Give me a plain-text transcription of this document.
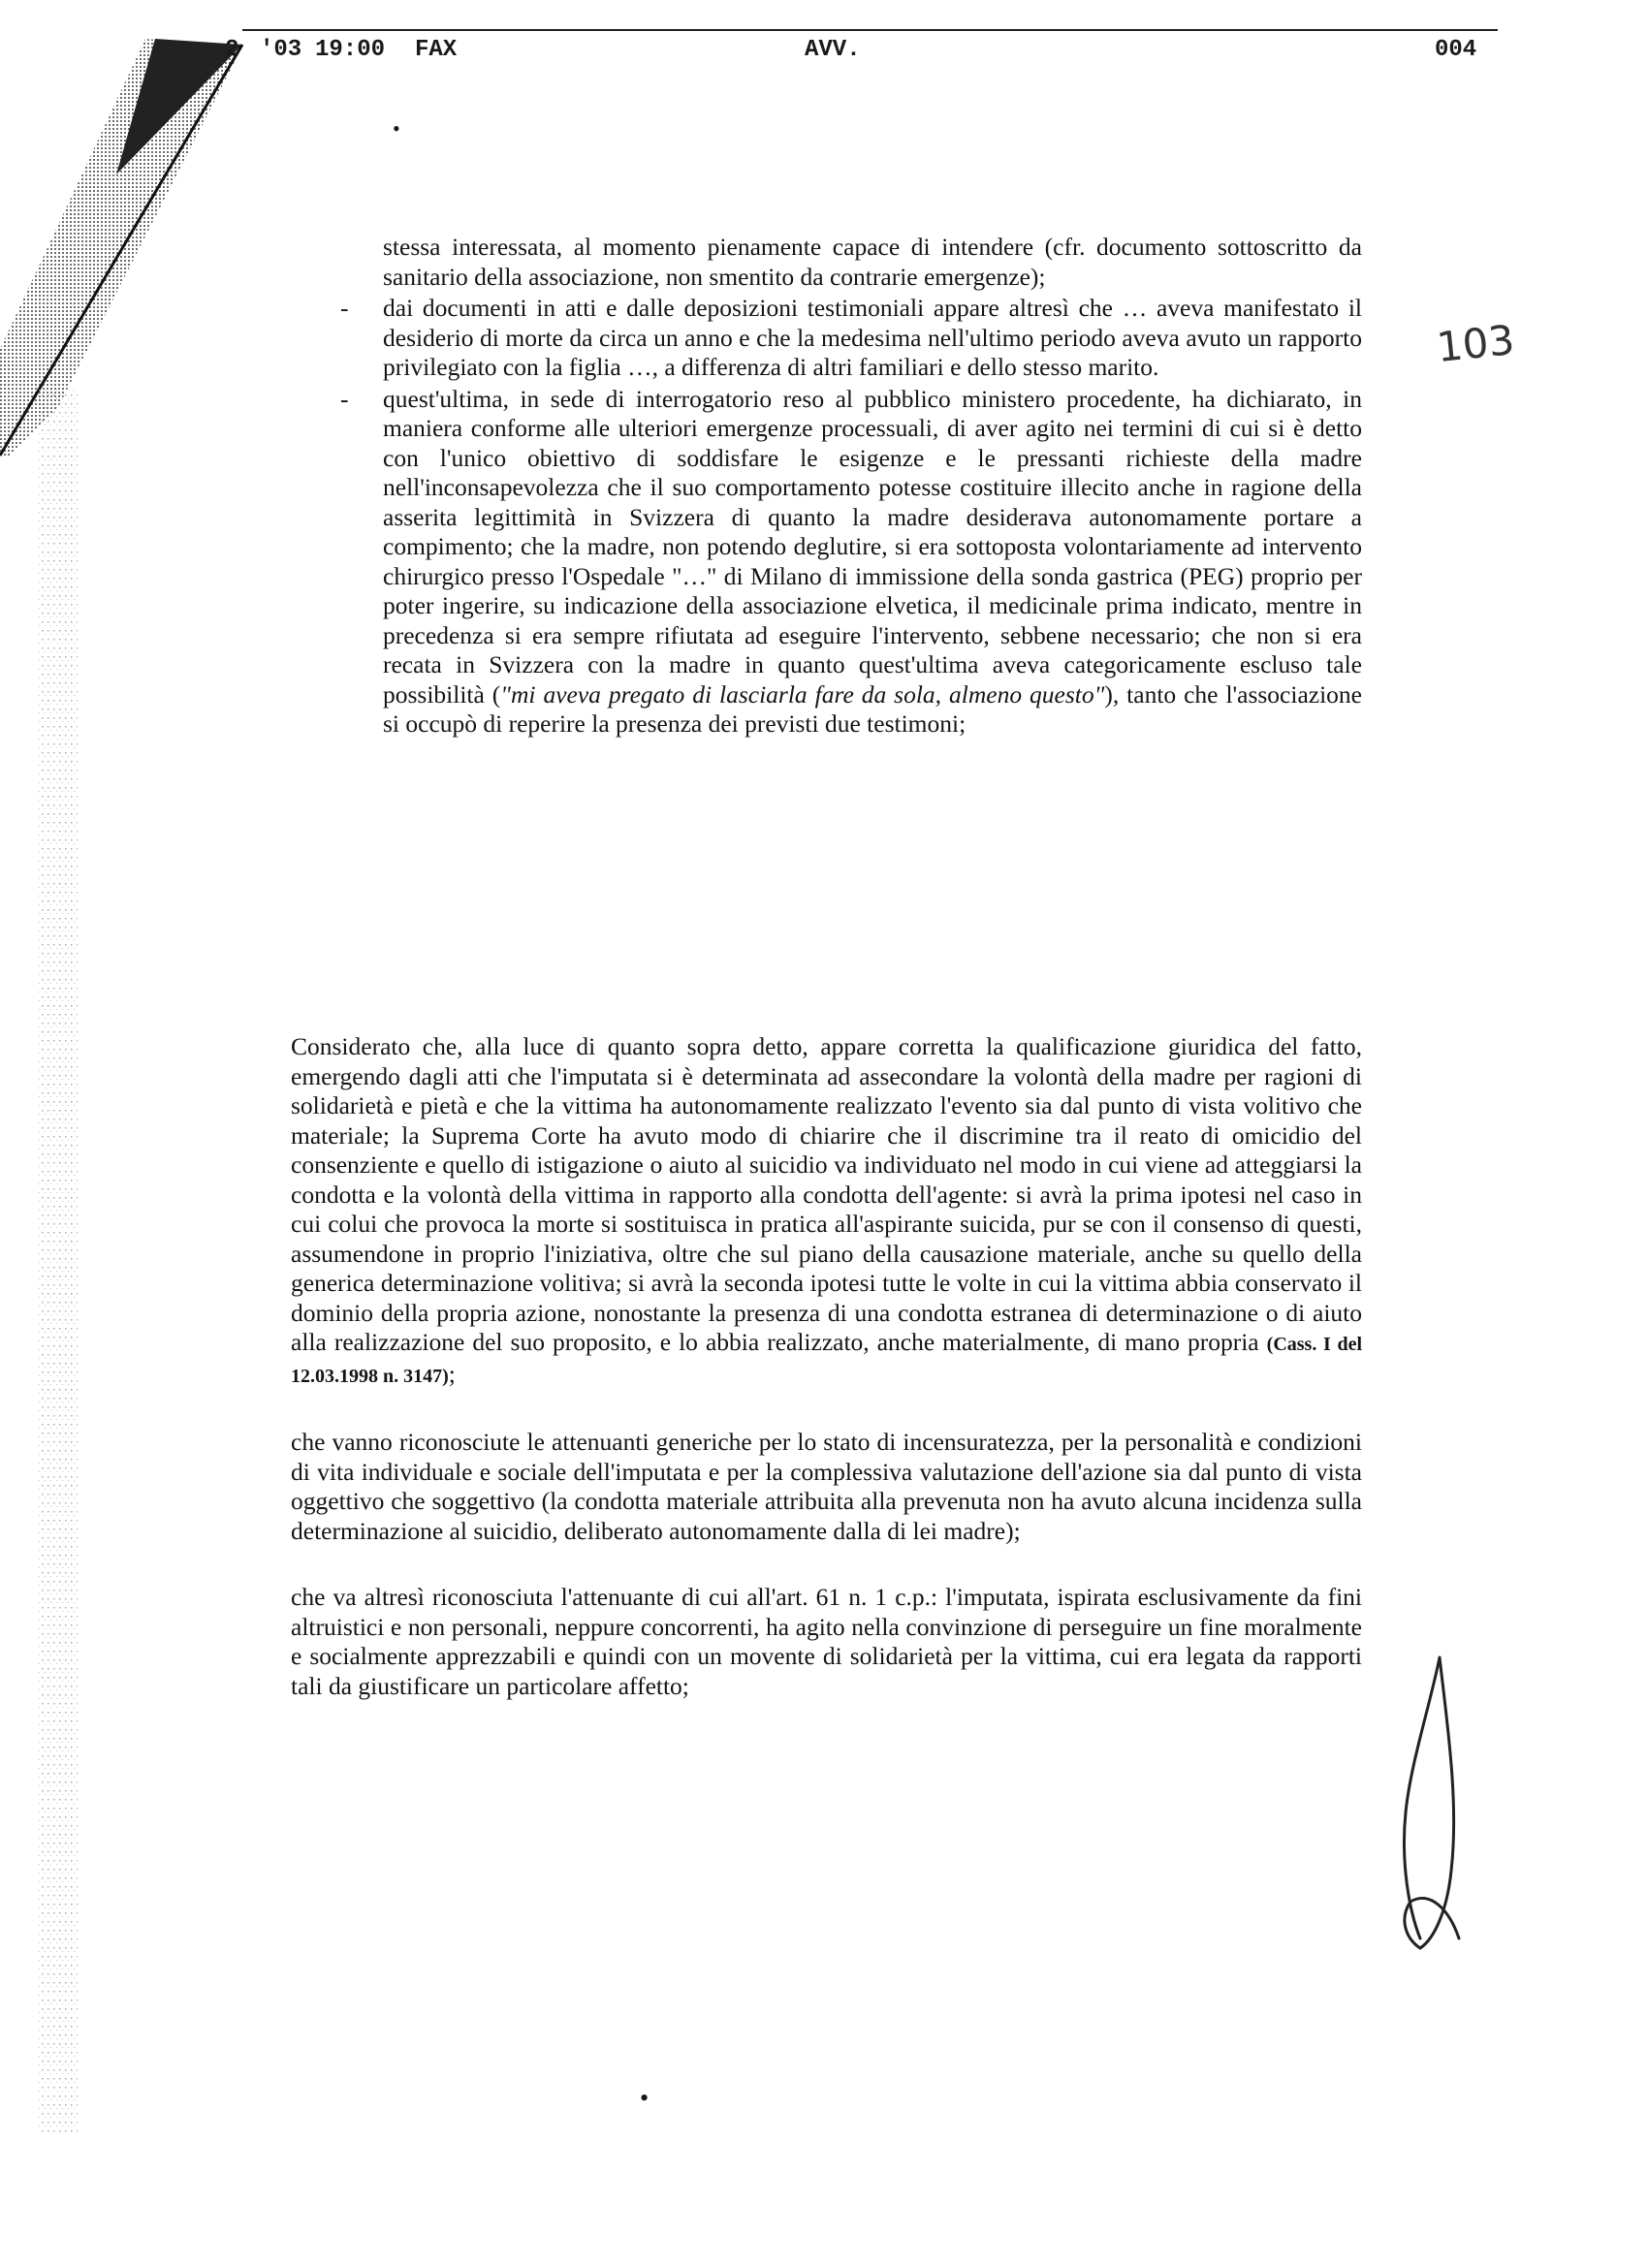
2 '03 19:00 FAX	AVV.	004
•
103

stessa interessata, al momento pienamente capace di intendere (cfr. documento sottoscritto da sanitario della associazione, non smentito da contrarie emergenze);

- dai documenti in atti e dalle deposizioni testimoniali appare altresì che … aveva manifestato il desiderio di morte da circa un anno e che la medesima nell'ultimo periodo aveva avuto un rapporto privilegiato con la figlia …, a differenza di altri familiari e dello stesso marito.

- quest'ultima, in sede di interrogatorio reso al pubblico ministero procedente, ha dichiarato, in maniera conforme alle ulteriori emergenze processuali, di aver agito nei termini di cui si è detto con l'unico obiettivo di soddisfare le esigenze e le pressanti richieste della madre nell'inconsapevolezza che il suo comportamento potesse costituire illecito anche in ragione della asserita legittimità in Svizzera di quanto la madre desiderava autonomamente portare a compimento; che la madre, non potendo deglutire, si era sottoposta volontariamente ad intervento chirurgico presso l'Ospedale "…" di Milano di immissione della sonda gastrica (PEG) proprio per poter ingerire, su indicazione della associazione elvetica, il medicinale prima indicato, mentre in precedenza si era sempre rifiutata ad eseguire l'intervento, sebbene necessario; che non si era recata in Svizzera con la madre in quanto quest'ultima aveva categoricamente escluso tale possibilità ("mi aveva pregato di lasciarla fare da sola, almeno questo"), tanto che l'associazione si occupò di reperire la presenza dei previsti due testimoni;

Considerato che, alla luce di quanto sopra detto, appare corretta la qualificazione giuridica del fatto, emergendo dagli atti che l'imputata si è determinata ad assecondare la volontà della madre per ragioni di solidarietà e pietà e che la vittima ha autonomamente realizzato l'evento sia dal punto di vista volitivo che materiale; la Suprema Corte ha avuto modo di chiarire che il discrimine tra il reato di omicidio del consenziente e quello di istigazione o aiuto al suicidio va individuato nel modo in cui viene ad atteggiarsi la condotta e la volontà della vittima in rapporto alla condotta dell'agente: si avrà la prima ipotesi nel caso in cui colui che provoca la morte si sostituisca in pratica all'aspirante suicida, pur se con il consenso di questi, assumendone in proprio l'iniziativa, oltre che sul piano della causazione materiale, anche su quello della generica determinazione volitiva; si avrà la seconda ipotesi tutte le volte in cui la vittima abbia conservato il dominio della propria azione, nonostante la presenza di una condotta estranea di determinazione o di aiuto alla realizzazione del suo proposito, e lo abbia realizzato, anche materialmente, di mano propria (Cass. I del 12.03.1998 n. 3147);

che vanno riconosciute le attenuanti generiche per lo stato di incensuratezza, per la personalità e condizioni di vita individuale e sociale dell'imputata e per la complessiva valutazione dell'azione sia dal punto di vista oggettivo che soggettivo (la condotta materiale attribuita alla prevenuta non ha avuto alcuna incidenza sulla determinazione al suicidio, deliberato autonomamente dalla di lei madre);

che va altresì riconosciuta l'attenuante di cui all'art. 61 n. 1 c.p.: l'imputata, ispirata esclusivamente da fini altruistici e non personali, neppure concorrenti, ha agito nella convinzione di perseguire un fine moralmente e socialmente apprezzabili e quindi con un movente di solidarietà per la vittima, cui era legata da rapporti tali da giustificare un particolare affetto;

•
